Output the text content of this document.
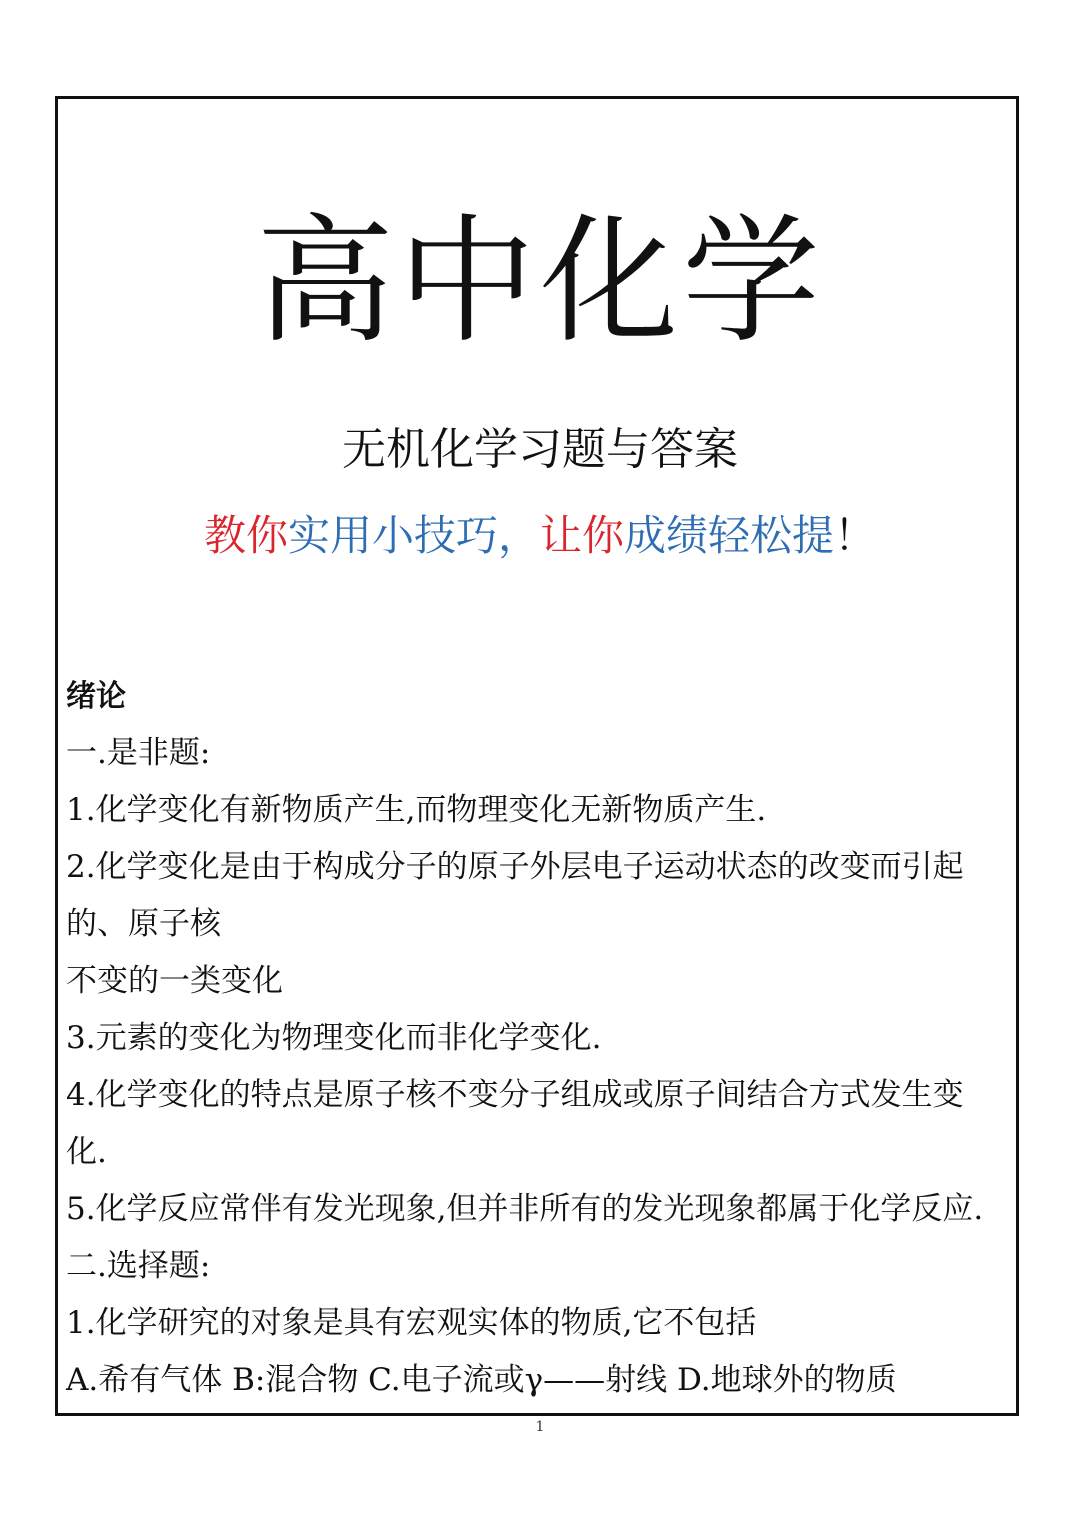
高中化学
无机化学习题与答案
教你实用小技巧，让你成绩轻松提！

绪论

一.是非题:

1.化学变化有新物质产生,而物理变化无新物质产生.

2.化学变化是由于构成分子的原子外层电子运动状态的改变而引起

的、原子核

不变的一类变化

3.元素的变化为物理变化而非化学变化.

4.化学变化的特点是原子核不变分子组成或原子间结合方式发生变

化.

5.化学反应常伴有发光现象,但并非所有的发光现象都属于化学反应.

二.选择题:

1.化学研究的对象是具有宏观实体的物质,它不包括

A.希有气体 B:混合物 C.电子流或γ——射线 D.地球外的物质

1
